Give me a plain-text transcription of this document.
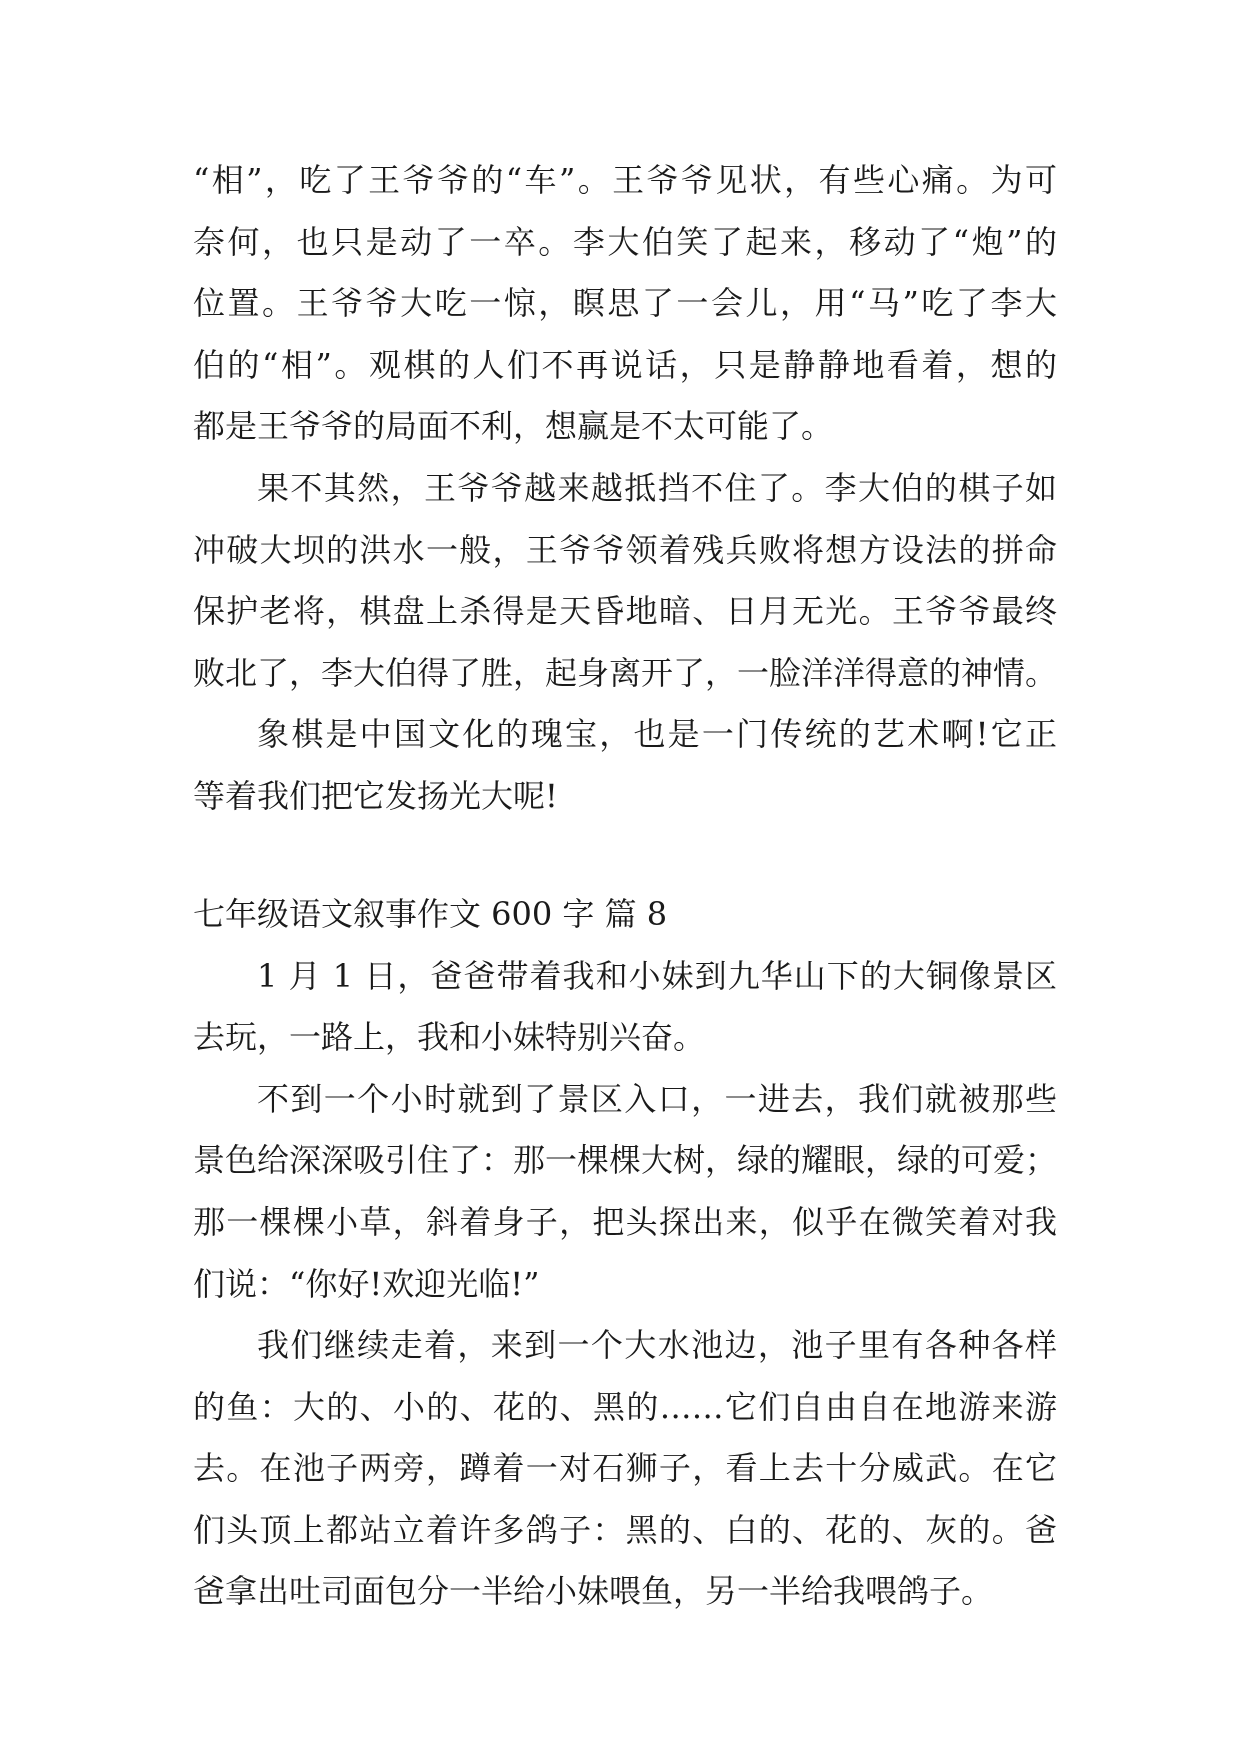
“相”，吃了王爷爷的“车”。王爷爷见状，有些心痛。为可
奈何，也只是动了一卒。李大伯笑了起来，移动了“炮”的
位置。王爷爷大吃一惊，瞑思了一会儿，用“马”吃了李大
伯的“相”。观棋的人们不再说话，只是静静地看着，想的
都是王爷爷的局面不利，想赢是不太可能了。
果不其然，王爷爷越来越抵挡不住了。李大伯的棋子如
冲破大坝的洪水一般，王爷爷领着残兵败将想方设法的拼命
保护老将，棋盘上杀得是天昏地暗、日月无光。王爷爷最终
败北了，李大伯得了胜，起身离开了，一脸洋洋得意的神情。
象棋是中国文化的瑰宝，也是一门传统的艺术啊!它正
等着我们把它发扬光大呢!
七年级语文叙事作文 600 字 篇 8
1 月 1 日，爸爸带着我和小妹到九华山下的大铜像景区
去玩，一路上，我和小妹特别兴奋。
不到一个小时就到了景区入口，一进去，我们就被那些
景色给深深吸引住了：那一棵棵大树，绿的耀眼，绿的可爱；
那一棵棵小草，斜着身子，把头探出来，似乎在微笑着对我
们说：“你好!欢迎光临!”
我们继续走着，来到一个大水池边，池子里有各种各样
的鱼：大的、小的、花的、黑的……它们自由自在地游来游
去。在池子两旁，蹲着一对石狮子，看上去十分威武。在它
们头顶上都站立着许多鸽子：黑的、白的、花的、灰的。爸
爸拿出吐司面包分一半给小妹喂鱼，另一半给我喂鸽子。
